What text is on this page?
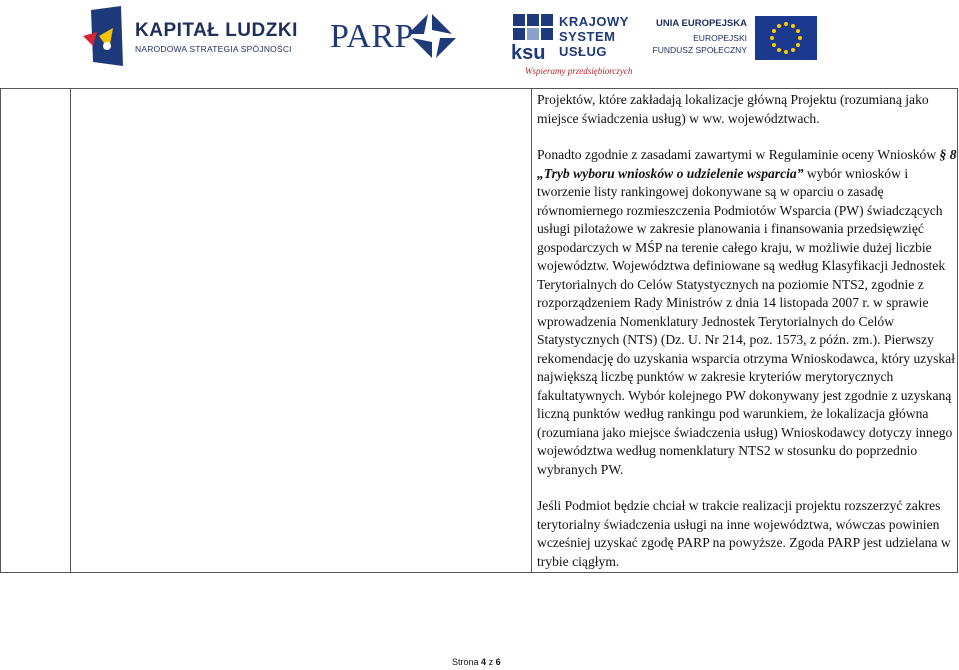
KAPITAŁ LUDZKI
NARODOWA STRATEGIA SPÓJNOŚCI PARP	KRAJOWY
SYSTEM
USŁUG
ksu
Wspieramy przedsiębiorczych
UNIA EUROPEJSKA
EUROPEJSKI
FUNDUSZ SPOŁECZNY

Projektów, które zakładają lokalizacje główną Projektu (rozumianą jako miejsce świadczenia usług) w ww. województwach.

Ponadto zgodnie z zasadami zawartymi w Regulaminie oceny Wniosków § 8 „Tryb wyboru wniosków o udzielenie wsparcia” wybór wniosków i tworzenie listy rankingowej dokonywane są w oparciu o zasadę równomiernego rozmieszczenia Podmiotów Wsparcia (PW) świadczących usługi pilotażowe w zakresie planowania i finansowania przedsięwzięć gospodarczych w MŚP na terenie całego kraju, w możliwie dużej liczbie województw. Województwa definiowane są według Klasyfikacji Jednostek Terytorialnych do Celów Statystycznych na poziomie NTS2, zgodnie z rozporządzeniem Rady Ministrów z dnia 14 listopada 2007 r. w sprawie wprowadzenia Nomenklatury Jednostek Terytorialnych do Celów Statystycznych (NTS) (Dz. U. Nr 214, poz. 1573, z późn. zm.). Pierwszy rekomendację do uzyskania wsparcia otrzyma Wnioskodawca, który uzyskał największą liczbę punktów w zakresie kryteriów merytorycznych fakultatywnych. Wybór kolejnego PW dokonywany jest zgodnie z uzyskaną liczną punktów według rankingu pod warunkiem, że lokalizacja główna (rozumiana jako miejsce świadczenia usług) Wnioskodawcy dotyczy innego województwa według nomenklatury NTS2 w stosunku do poprzednio wybranych PW.

Jeśli Podmiot będzie chciał w trakcie realizacji projektu rozszerzyć zakres terytorialny świadczenia usługi na inne województwa, wówczas powinien wcześniej uzyskać zgodę PARP na powyższe. Zgoda PARP jest udzielana w trybie ciągłym.

Strona 4 z 6
